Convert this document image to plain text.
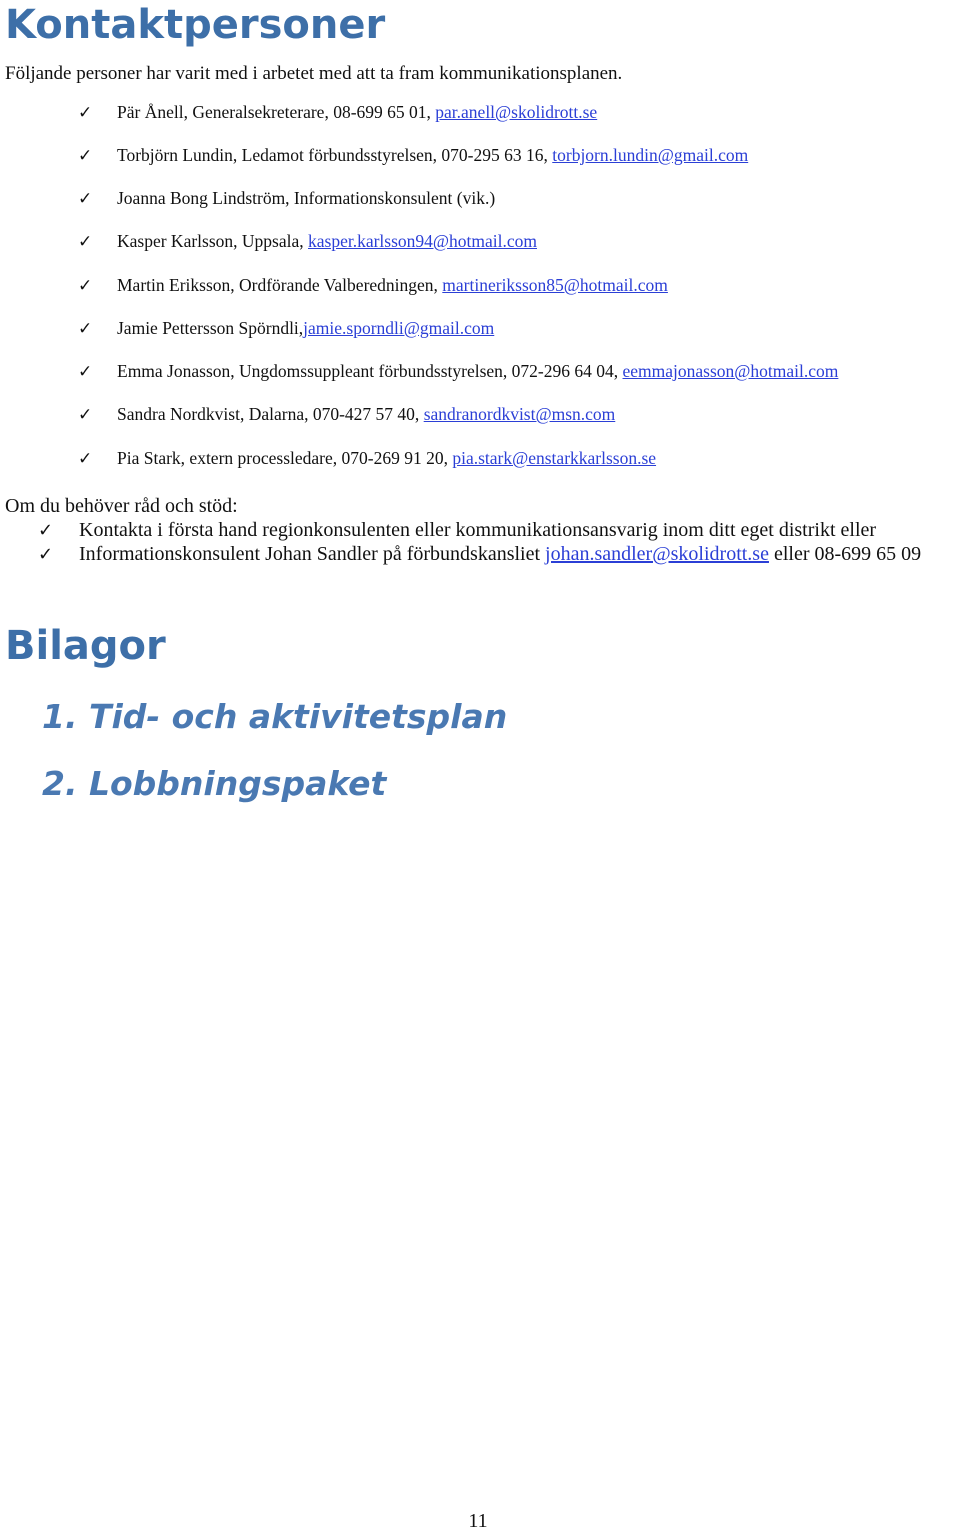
Kontaktpersoner
Följande personer har varit med i arbetet med att ta fram kommunikationsplanen.
✓ Pär Ånell, Generalsekreterare, 08-699 65 01, par.anell@skolidrott.se
✓ Torbjörn Lundin, Ledamot förbundsstyrelsen, 070-295 63 16, torbjorn.lundin@gmail.com
✓ Joanna Bong Lindström, Informationskonsulent (vik.)
✓ Kasper Karlsson, Uppsala, kasper.karlsson94@hotmail.com
✓ Martin Eriksson, Ordförande Valberedningen, martineriksson85@hotmail.com
✓ Jamie Pettersson Spörndli,jamie.sporndli@gmail.com
✓ Emma Jonasson, Ungdomssuppleant förbundsstyrelsen, 072-296 64 04, eemmajonasson@hotmail.com
✓ Sandra Nordkvist, Dalarna, 070-427 57 40, sandranordkvist@msn.com
✓ Pia Stark, extern processledare, 070-269 91 20, pia.stark@enstarkkarlsson.se
Om du behöver råd och stöd:
✓ Kontakta i första hand regionkonsulenten eller kommunikationsansvarig inom ditt eget distrikt eller
✓ Informationskonsulent Johan Sandler på förbundskansliet johan.sandler@skolidrott.se eller 08-699 65 09
Bilagor
1. Tid- och aktivitetsplan
2. Lobbningspaket
11
